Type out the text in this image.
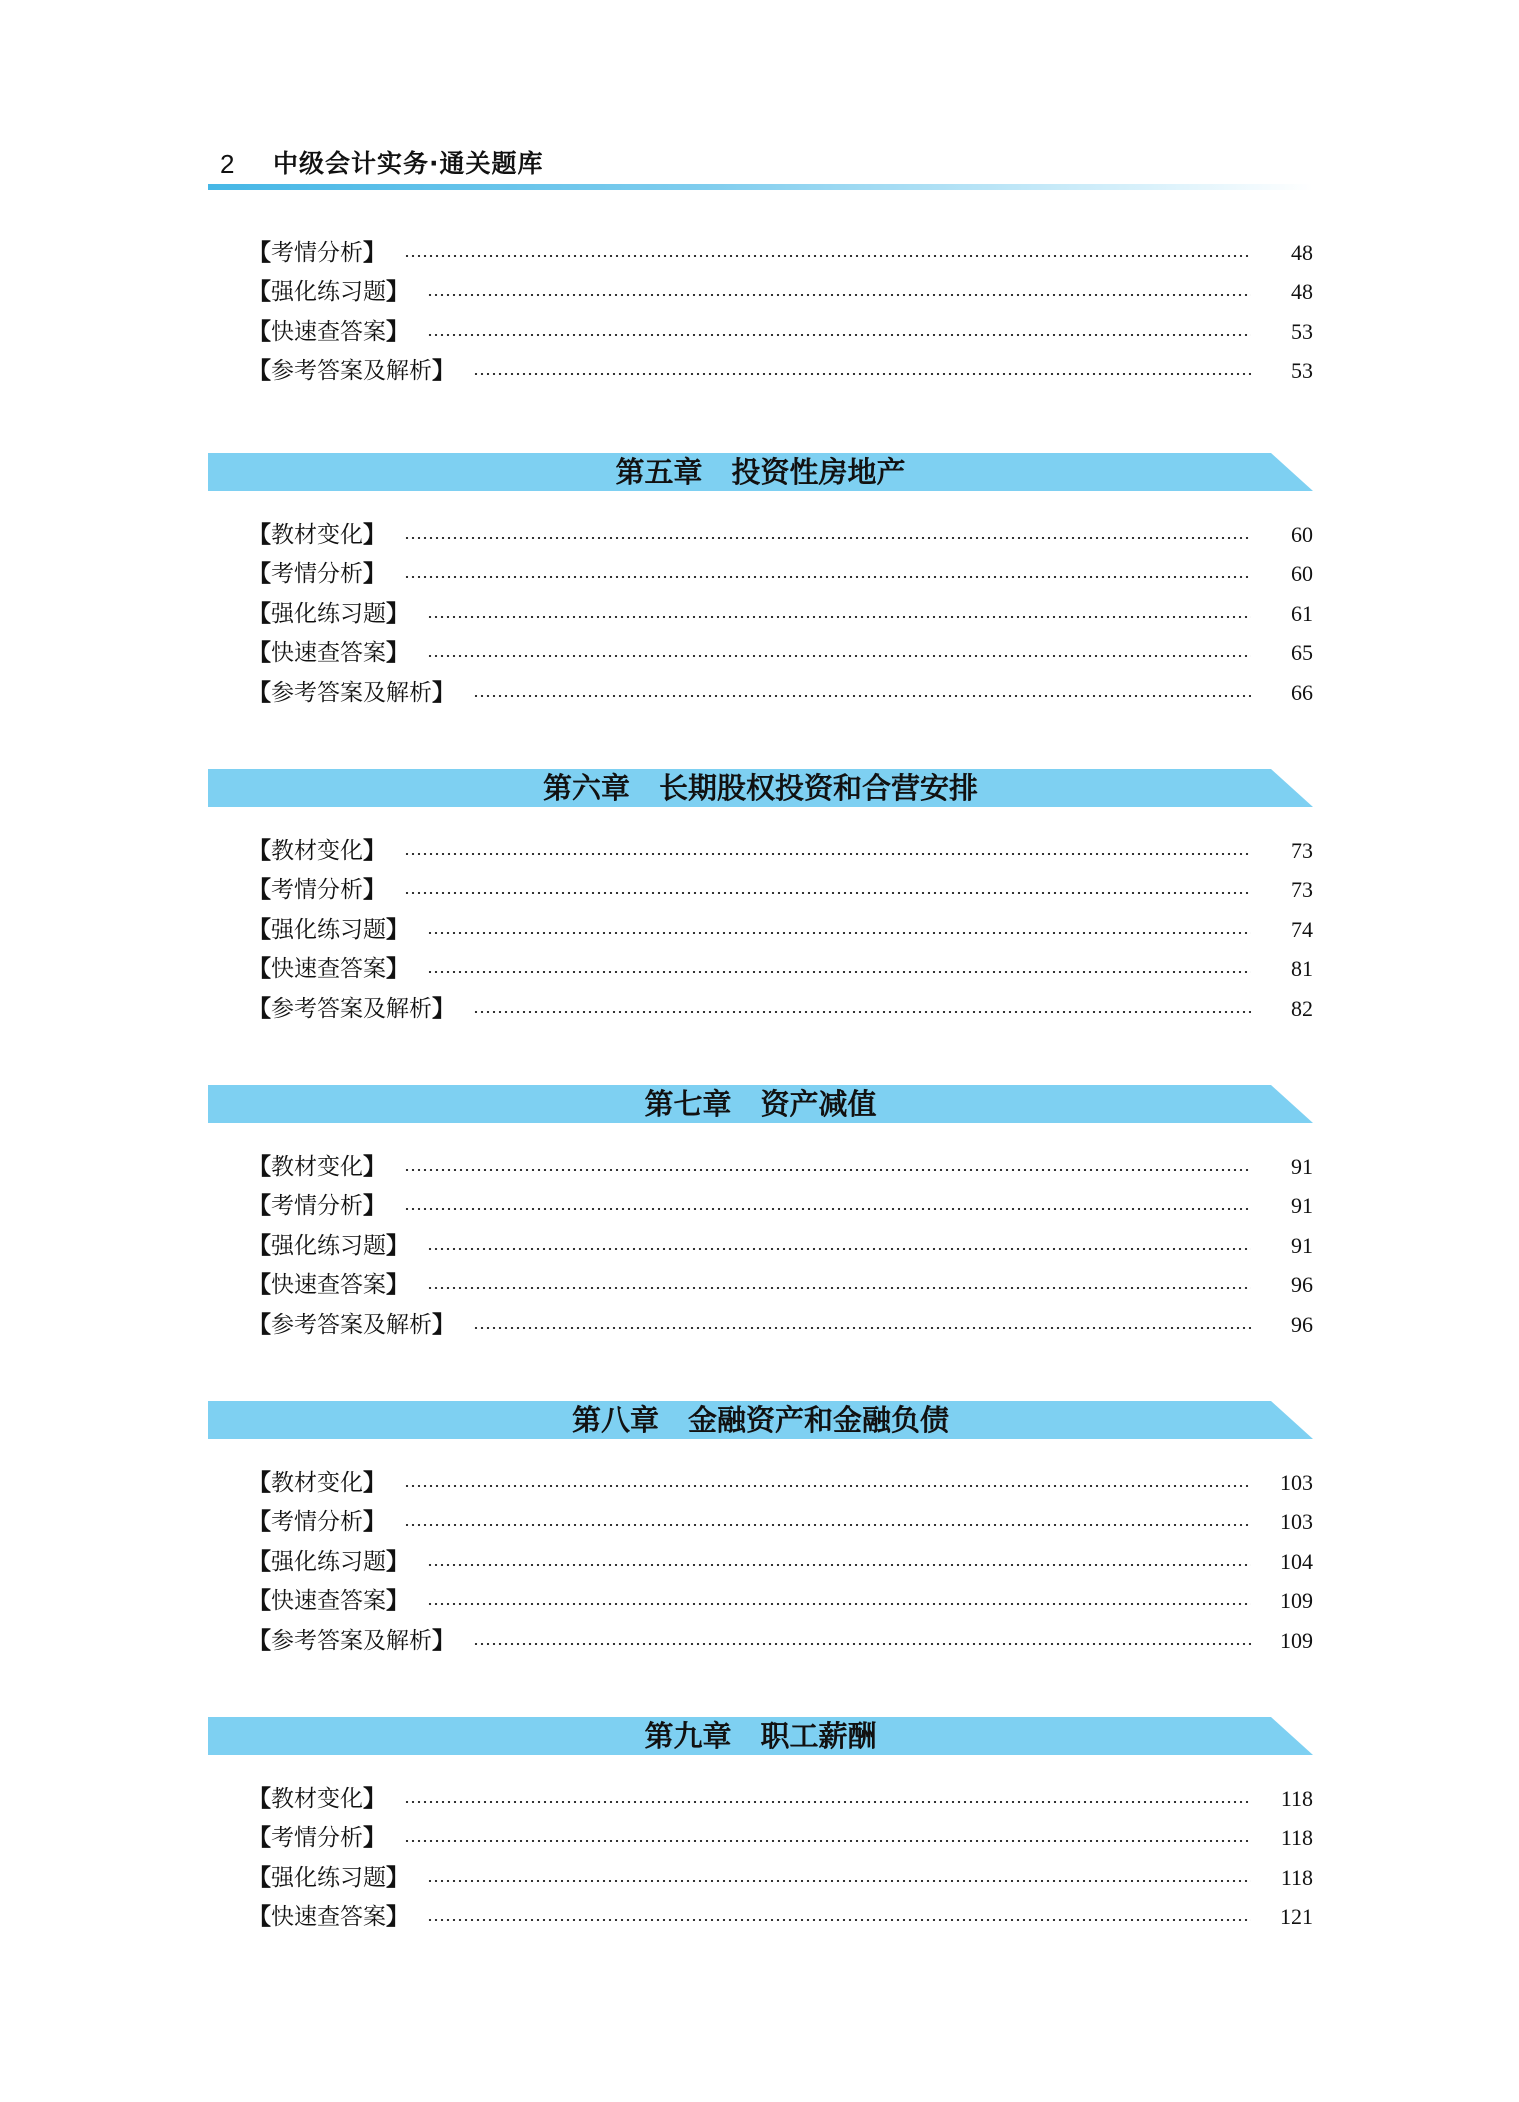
2 中级会计实务·通关题库
【考情分析】	48
【强化练习题】	48
【快速查答案】	53
【参考答案及解析】	53
第五章　投资性房地产
【教材变化】	60
【考情分析】	60
【强化练习题】	61
【快速查答案】	65
【参考答案及解析】	66
第六章　长期股权投资和合营安排
【教材变化】	73
【考情分析】	73
【强化练习题】	74
【快速查答案】	81
【参考答案及解析】	82
第七章　资产减值
【教材变化】	91
【考情分析】	91
【强化练习题】	91
【快速查答案】	96
【参考答案及解析】	96
第八章　金融资产和金融负债
【教材变化】	103
【考情分析】	103
【强化练习题】	104
【快速查答案】	109
【参考答案及解析】	109
第九章　职工薪酬
【教材变化】	118
【考情分析】	118
【强化练习题】	118
【快速查答案】	121
